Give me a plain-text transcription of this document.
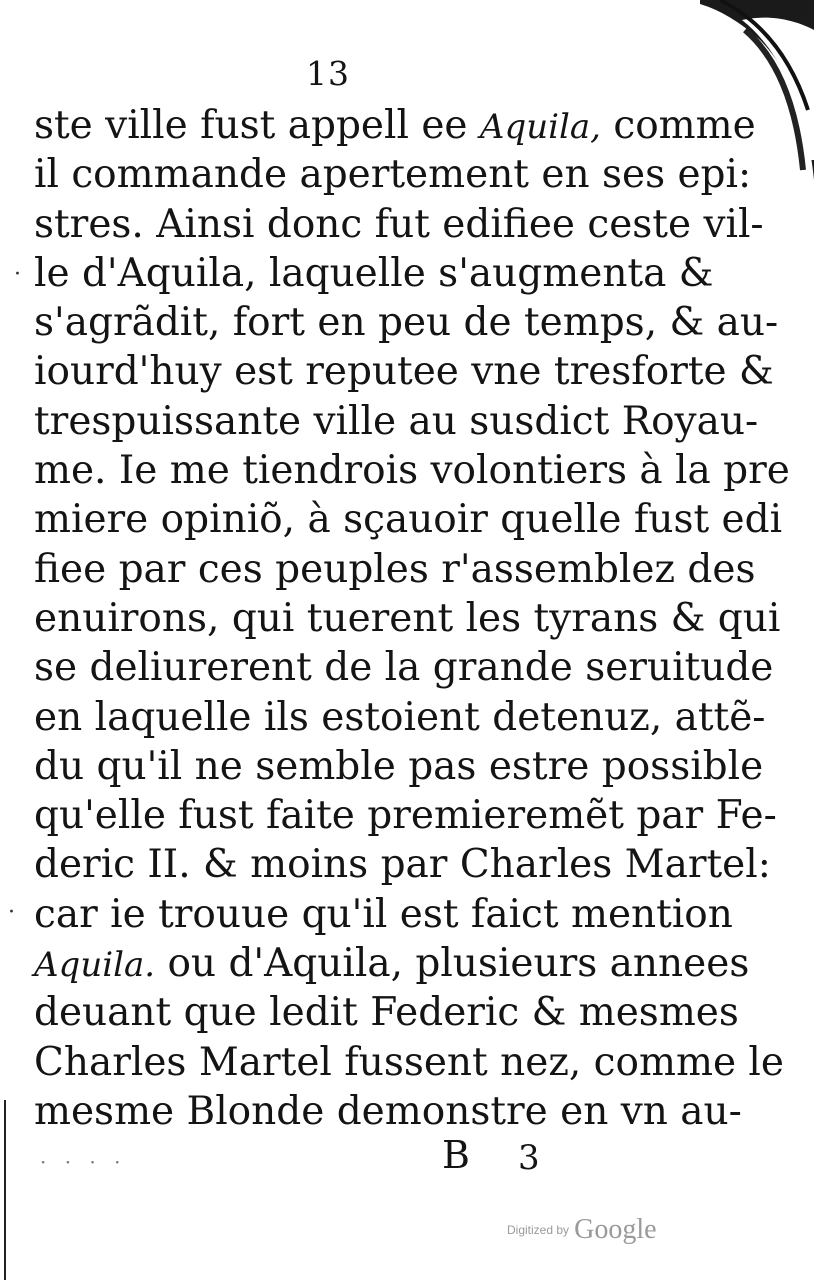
13
ste ville fust appell ee Aquila, comme
il commande apertement en ses epi:
stres. Ainsi donc fut edifiee ceste vil-
le d'Aquila, laquelle s'augmenta &
s'agrãdit, fort en peu de temps, & au-
iourd'huy est reputee vne tresforte &
trespuissante ville au susdict Royau-
me. Ie me tiendrois volontiers à la pre
miere opiniõ, à sçauoir quelle fust edi
fiee par ces peuples r'assemblez des
enuirons, qui tuerent les tyrans & qui
se deliurerent de la grande seruitude
en laquelle ils estoient detenuz, attẽ-
du qu'il ne semble pas estre possible
qu'elle fust faite premieremẽt par Fe-
deric II. & moins par Charles Martel:
car ie trouue qu'il est faict mention
Aquila. ou d'Aquila, plusieurs annees
deuant que ledit Federic & mesmes
Charles Martel fussent nez, comme le
mesme Blonde demonstre en vn au-
·
·
· · · ·	B 3
Digitized by Google
